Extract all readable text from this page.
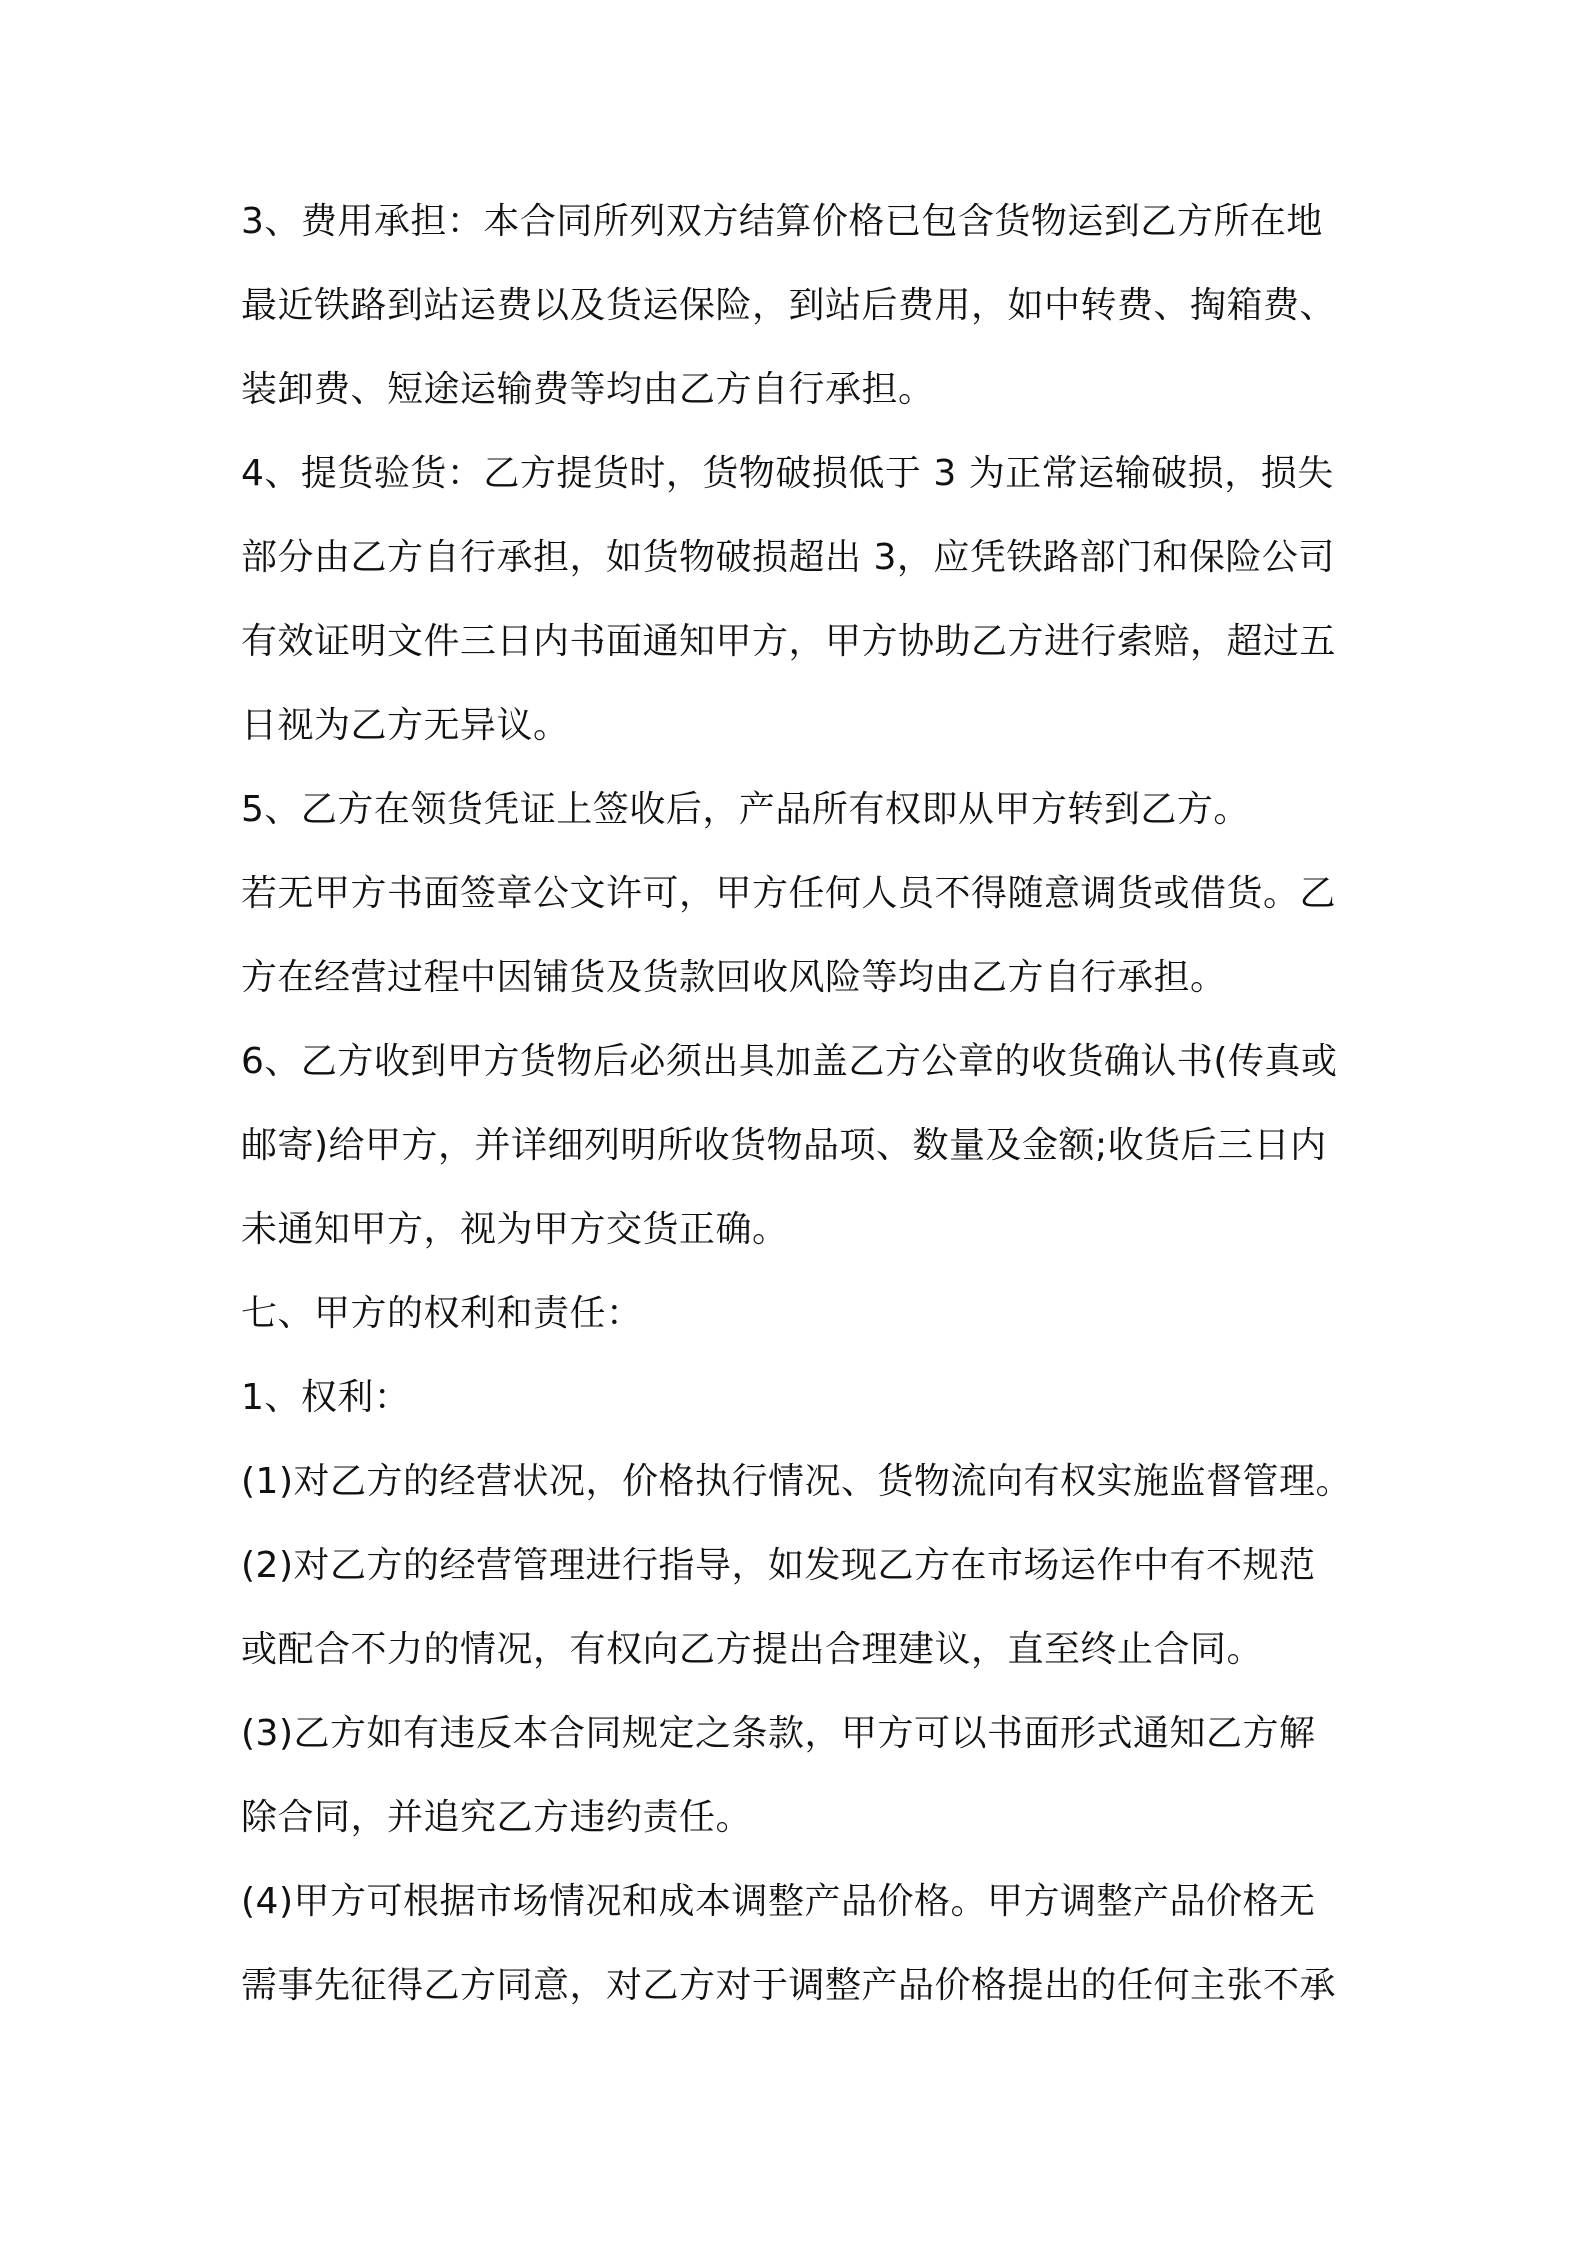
3、费用承担：本合同所列双方结算价格已包含货物运到乙方所在地
最近铁路到站运费以及货运保险，到站后费用，如中转费、掏箱费、
装卸费、短途运输费等均由乙方自行承担。
4、提货验货：乙方提货时，货物破损低于 3 为正常运输破损，损失
部分由乙方自行承担，如货物破损超出 3，应凭铁路部门和保险公司
有效证明文件三日内书面通知甲方，甲方协助乙方进行索赔，超过五
日视为乙方无异议。
5、乙方在领货凭证上签收后，产品所有权即从甲方转到乙方。
若无甲方书面签章公文许可，甲方任何人员不得随意调货或借货。乙
方在经营过程中因铺货及货款回收风险等均由乙方自行承担。
6、乙方收到甲方货物后必须出具加盖乙方公章的收货确认书(传真或
邮寄)给甲方，并详细列明所收货物品项、数量及金额;收货后三日内
未通知甲方，视为甲方交货正确。
七、甲方的权利和责任：
1、权利：
(1)对乙方的经营状况，价格执行情况、货物流向有权实施监督管理。
(2)对乙方的经营管理进行指导，如发现乙方在市场运作中有不规范
或配合不力的情况，有权向乙方提出合理建议，直至终止合同。
(3)乙方如有违反本合同规定之条款，甲方可以书面形式通知乙方解
除合同，并追究乙方违约责任。
(4)甲方可根据市场情况和成本调整产品价格。甲方调整产品价格无
需事先征得乙方同意，对乙方对于调整产品价格提出的任何主张不承
